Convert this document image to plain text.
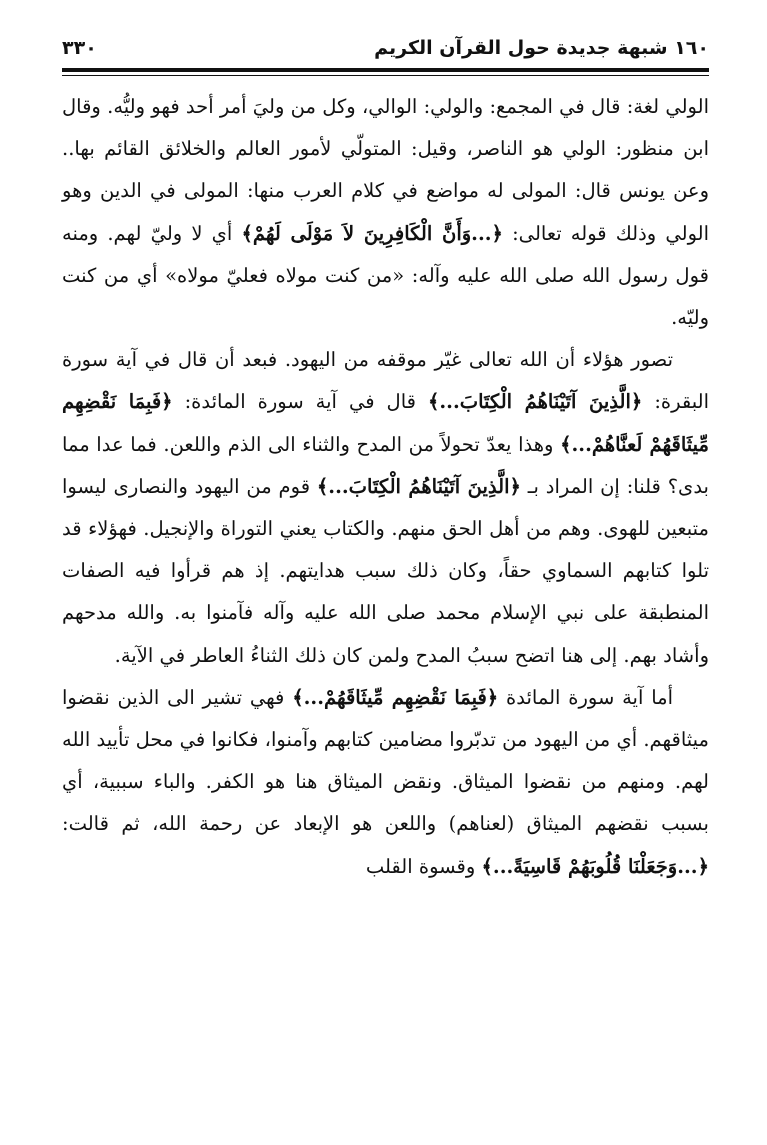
١٦٠ شبهة جديدة حول القرآن الكريم
٣٣٠

الولي لغة: قال في المجمع: والولي: الوالي، وكل من وليَ أمر أحد فهو وليُّه. وقال ابن منظور: الولي هو الناصر، وقيل: المتولّي لأمور العالم والخلائق القائم بها.. وعن يونس قال: المولى له مواضع في كلام العرب منها: المولى في الدين وهو الولي وذلك قوله تعالى: ﴿...وَأَنَّ الْكَافِرِينَ لاَ مَوْلَى لَهُمْ﴾ أي لا وليّ لهم. ومنه قول رسول الله صلى الله عليه وآله: «من كنت مولاه فعليّ مولاه» أي من كنت وليّه.

تصور هؤلاء أن الله تعالى غيّر موقفه من اليهود. فبعد أن قال في آية سورة البقرة: ﴿الَّذِينَ آتَيْنَاهُمُ الْكِتَابَ...﴾ قال في آية سورة المائدة: ﴿فَبِمَا نَقْضِهِم مِّيثَاقَهُمْ لَعنَّاهُمْ...﴾ وهذا يعدّ تحولاً من المدح والثناء الى الذم واللعن. فما عدا مما بدى؟ قلنا: إن المراد بـ ﴿الَّذِينَ آتَيْنَاهُمُ الْكِتَابَ...﴾ قوم من اليهود والنصارى ليسوا متبعين للهوى. وهم من أهل الحق منهم. والكتاب يعني التوراة والإنجيل. فهؤلاء قد تلوا كتابهم السماوي حقاً، وكان ذلك سبب هدايتهم. إذ هم قرأوا فيه الصفات المنطبقة على نبي الإسلام محمد صلى الله عليه وآله فآمنوا به. والله مدحهم وأشاد بهم. إلى هنا اتضح سببُ المدح ولمن كان ذلك الثناءُ العاطر في الآية.

أما آية سورة المائدة ﴿فَبِمَا نَقْضِهِم مِّيثَاقَهُمْ...﴾ فهي تشير الى الذين نقضوا ميثاقهم. أي من اليهود من تدبّروا مضامين كتابهم وآمنوا، فكانوا في محل تأييد الله لهم. ومنهم من نقضوا الميثاق. ونقض الميثاق هنا هو الكفر. والباء سببية، أي بسبب نقضهم الميثاق (لعناهم) واللعن هو الإبعاد عن رحمة الله، ثم قالت: ﴿...وَجَعَلْنَا قُلُوبَهُمْ قَاسِيَةً...﴾ وقسوة القلب
